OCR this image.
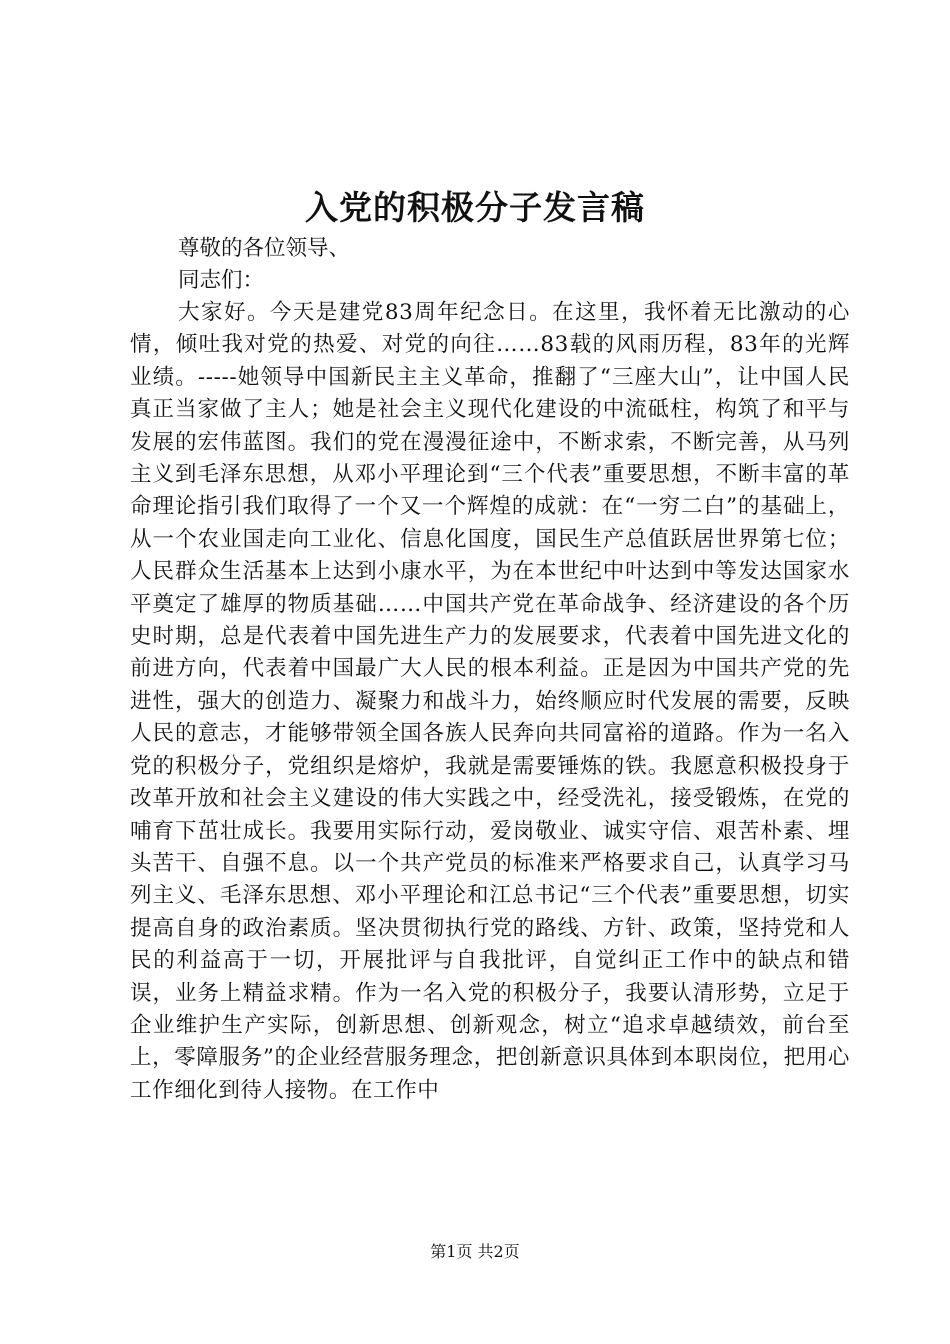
入党的积极分子发言稿

尊敬的各位领导、

同志们：

大家好。今天是建党83周年纪念日。在这里，我怀着无比激动的心情，倾吐我对党的热爱、对党的向往……83载的风雨历程，83年的光辉业绩。-----她领导中国新民主主义革命，推翻了“三座大山”，让中国人民真正当家做了主人；她是社会主义现代化建设的中流砥柱，构筑了和平与发展的宏伟蓝图。我们的党在漫漫征途中，不断求索，不断完善，从马列主义到毛泽东思想，从邓小平理论到“三个代表”重要思想，不断丰富的革命理论指引我们取得了一个又一个辉煌的成就：在“一穷二白”的基础上，从一个农业国走向工业化、信息化国度，国民生产总值跃居世界第七位；人民群众生活基本上达到小康水平，为在本世纪中叶达到中等发达国家水平奠定了雄厚的物质基础……中国共产党在革命战争、经济建设的各个历史时期，总是代表着中国先进生产力的发展要求，代表着中国先进文化的前进方向，代表着中国最广大人民的根本利益。正是因为中国共产党的先进性，强大的创造力、凝聚力和战斗力，始终顺应时代发展的需要，反映人民的意志，才能够带领全国各族人民奔向共同富裕的道路。作为一名入党的积极分子，党组织是熔炉，我就是需要锤炼的铁。我愿意积极投身于改革开放和社会主义建设的伟大实践之中，经受洗礼，接受锻炼，在党的哺育下茁壮成长。我要用实际行动，爱岗敬业、诚实守信、艰苦朴素、埋头苦干、自强不息。以一个共产党员的标准来严格要求自己，认真学习马列主义、毛泽东思想、邓小平理论和江总书记“三个代表”重要思想，切实提高自身的政治素质。坚决贯彻执行党的路线、方针、政策，坚持党和人民的利益高于一切，开展批评与自我批评，自觉纠正工作中的缺点和错误，业务上精益求精。作为一名入党的积极分子，我要认清形势，立足于企业维护生产实际，创新思想、创新观念，树立“追求卓越绩效，前台至上，零障服务”的企业经营服务理念，把创新意识具体到本职岗位，把用心工作细化到待人接物。在工作中

第1页 共2页
